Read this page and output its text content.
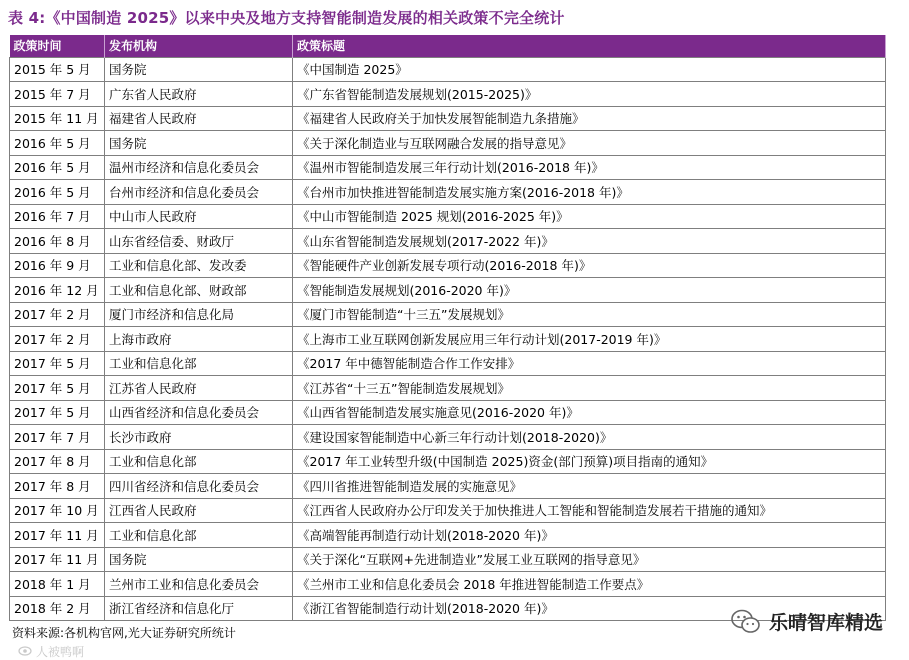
表 4:《中国制造 2025》以来中央及地方支持智能制造发展的相关政策不完全统计
政策时间	发布机构	政策标题
2015 年 5 月	国务院	《中国制造 2025》
2015 年 7 月	广东省人民政府	《广东省智能制造发展规划(2015-2025)》
2015 年 11 月	福建省人民政府	《福建省人民政府关于加快发展智能制造九条措施》
2016 年 5 月	国务院	《关于深化制造业与互联网融合发展的指导意见》
2016 年 5 月	温州市经济和信息化委员会	《温州市智能制造发展三年行动计划(2016-2018 年)》
2016 年 5 月	台州市经济和信息化委员会	《台州市加快推进智能制造发展实施方案(2016-2018 年)》
2016 年 7 月	中山市人民政府	《中山市智能制造 2025 规划(2016-2025 年)》
2016 年 8 月	山东省经信委、财政厅	《山东省智能制造发展规划(2017-2022 年)》
2016 年 9 月	工业和信息化部、发改委	《智能硬件产业创新发展专项行动(2016-2018 年)》
2016 年 12 月	工业和信息化部、财政部	《智能制造发展规划(2016-2020 年)》
2017 年 2 月	厦门市经济和信息化局	《厦门市智能制造“十三五”发展规划》
2017 年 2 月	上海市政府	《上海市工业互联网创新发展应用三年行动计划(2017-2019 年)》
2017 年 5 月	工业和信息化部	《2017 年中德智能制造合作工作安排》
2017 年 5 月	江苏省人民政府	《江苏省“十三五”智能制造发展规划》
2017 年 5 月	山西省经济和信息化委员会	《山西省智能制造发展实施意见(2016-2020 年)》
2017 年 7 月	长沙市政府	《建设国家智能制造中心新三年行动计划(2018-2020)》
2017 年 8 月	工业和信息化部	《2017 年工业转型升级(中国制造 2025)资金(部门预算)项目指南的通知》
2017 年 8 月	四川省经济和信息化委员会	《四川省推进智能制造发展的实施意见》
2017 年 10 月	江西省人民政府	《江西省人民政府办公厅印发关于加快推进人工智能和智能制造发展若干措施的通知》
2017 年 11 月	工业和信息化部	《高端智能再制造行动计划(2018-2020 年)》
2017 年 11 月	国务院	《关于深化“互联网+先进制造业”发展工业互联网的指导意见》
2018 年 1 月	兰州市工业和信息化委员会	《兰州市工业和信息化委员会 2018 年推进智能制造工作要点》
2018 年 2 月	浙江省经济和信息化厅	《浙江省智能制造行动计划(2018-2020 年)》
资料来源:各机构官网,光大证券研究所统计	乐晴智库精选
人被鸭啊
